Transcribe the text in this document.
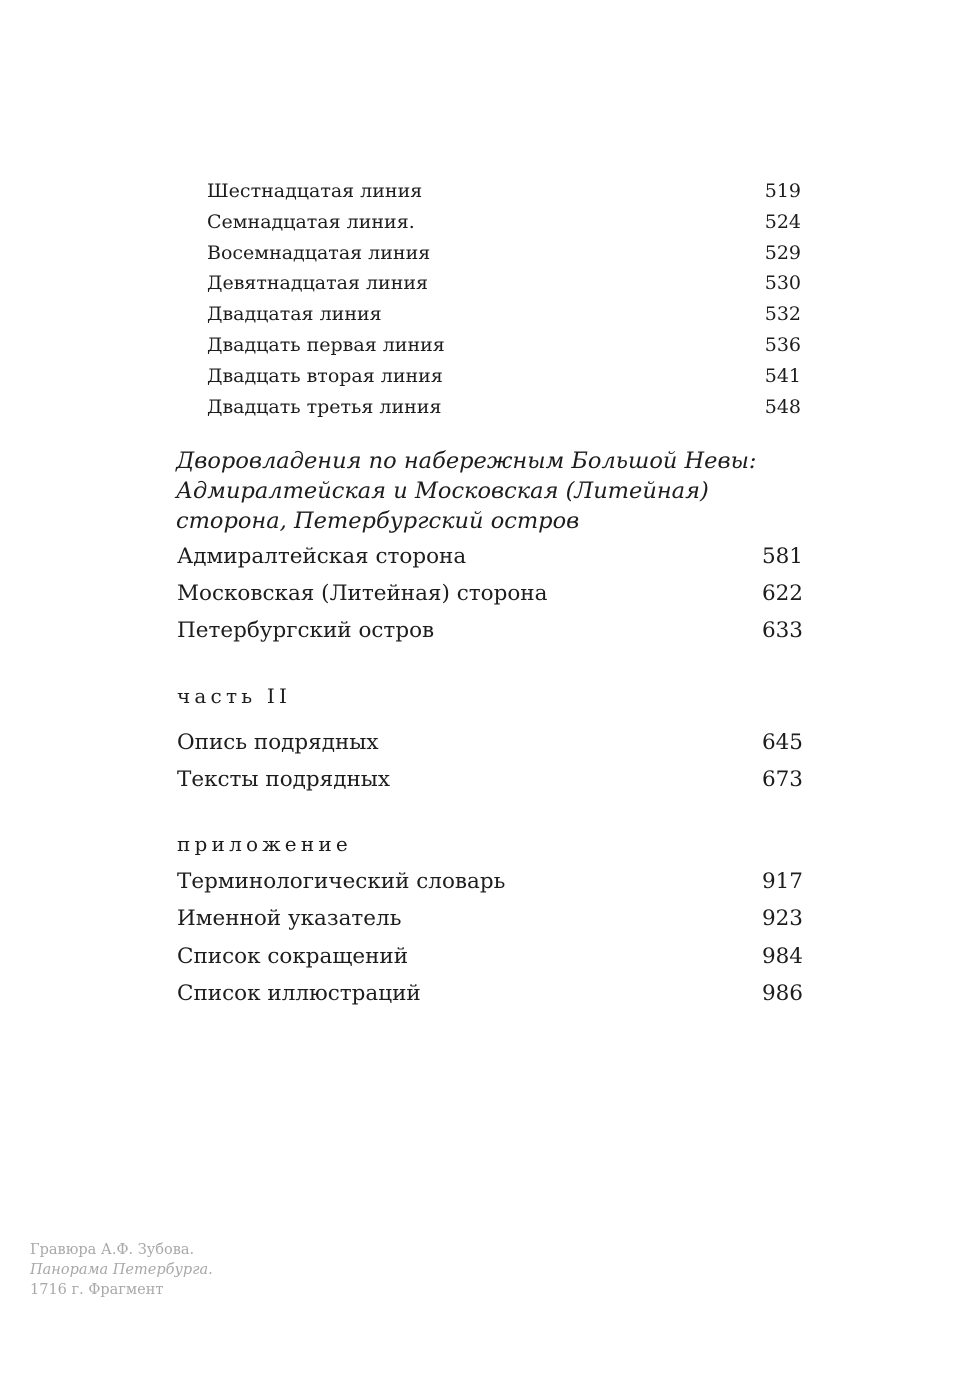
Шестнадцатая линия	519
Семнадцатая линия.	524
Восемнадцатая линия	529
Девятнадцатая линия	530
Двадцатая линия	532
Двадцать первая линия	536
Двадцать вторая линия	541
Двадцать третья линия	548
Дворовладения по набережным Большой Невы:
Адмиралтейская и Московская (Литейная)
сторона, Петербургский остров
Адмиралтейская сторона	581
Московская (Литейная) сторона	622
Петербургский остров	633
часть II
Опись подрядных	645
Тексты подрядных	673
приложение
Терминологический словарь	917
Именной указатель	923
Список сокращений	984
Список иллюстраций	986
Гравюра А.Ф. Зубова.
Панорама Петербурга.
1716 г. Фрагмент
